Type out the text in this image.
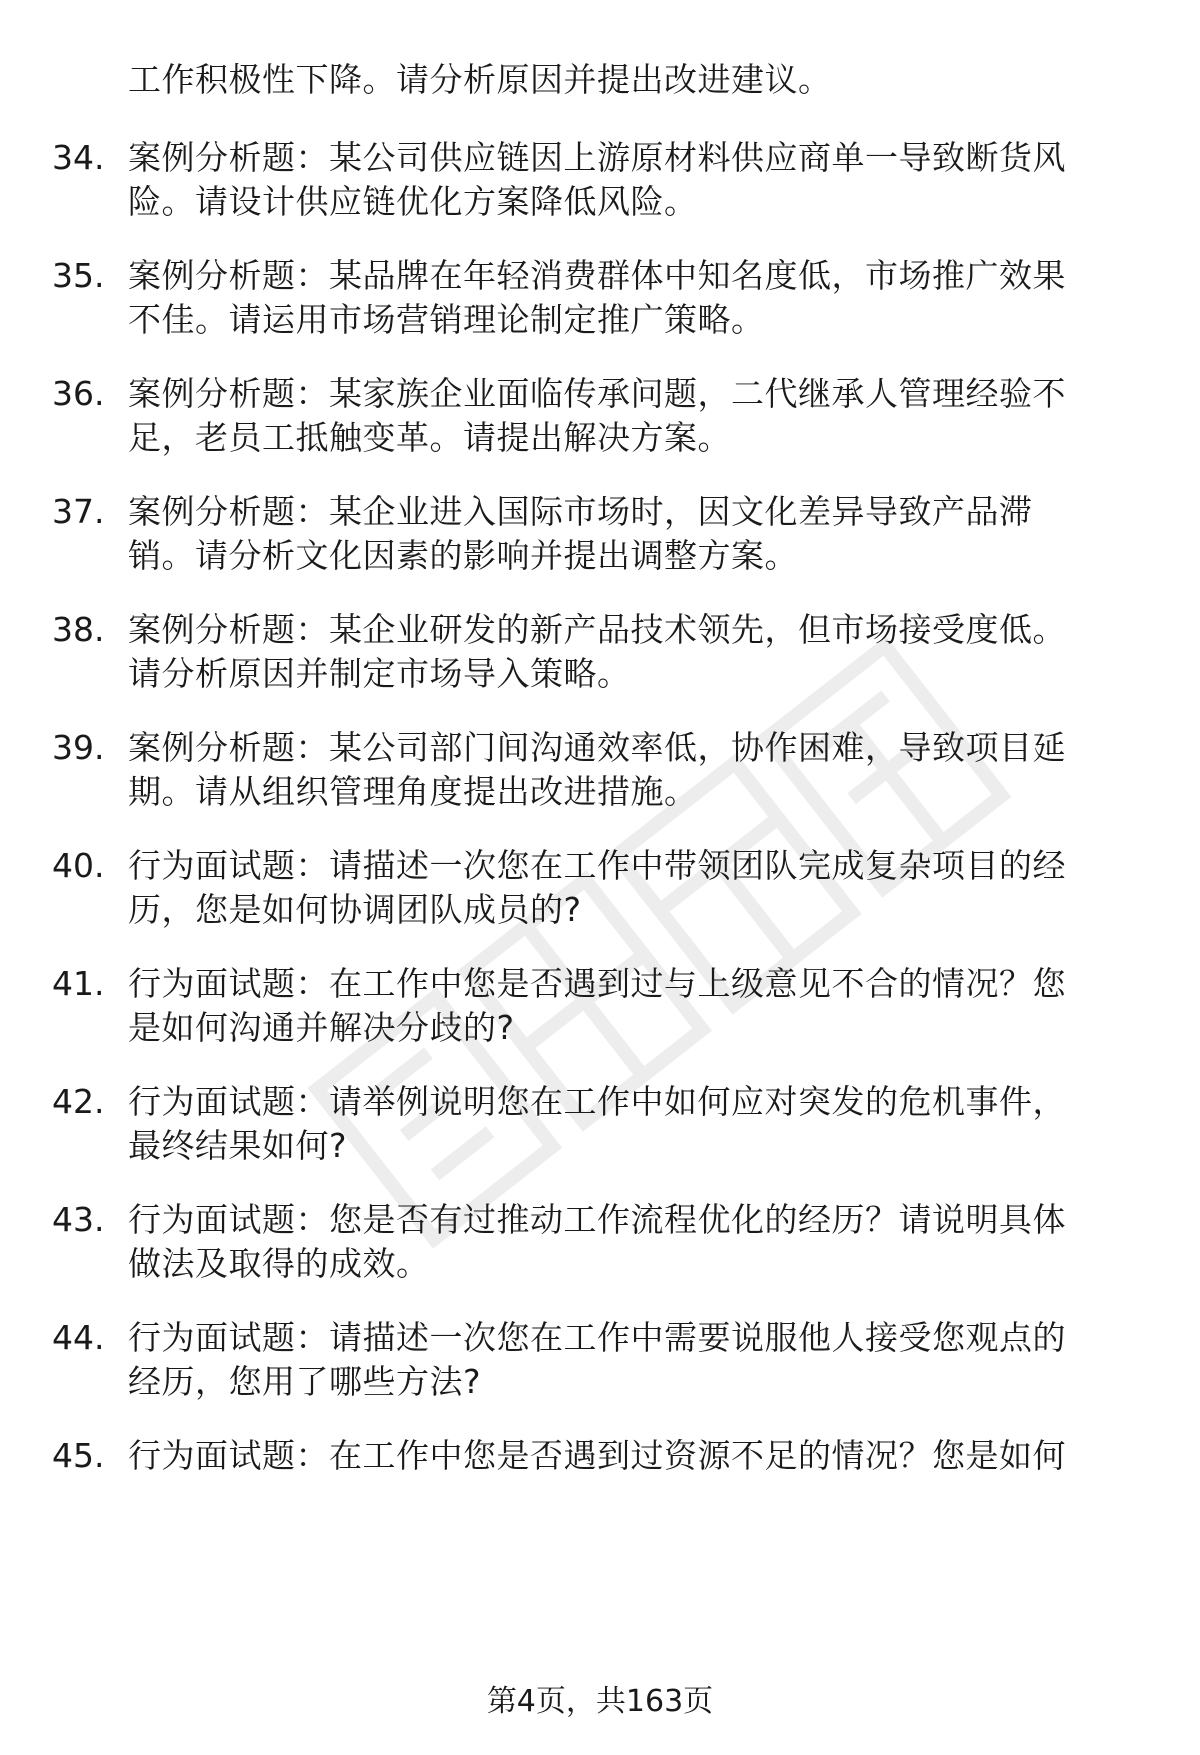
工作积极性下降。请分析原因并提出改进建议。
34. 案例分析题：某公司供应链因上游原材料供应商单一导致断货风
险。请设计供应链优化方案降低风险。
35. 案例分析题：某品牌在年轻消费群体中知名度低，市场推广效果
不佳。请运用市场营销理论制定推广策略。
36. 案例分析题：某家族企业面临传承问题，二代继承人管理经验不
足，老员工抵触变革。请提出解决方案。
37. 案例分析题：某企业进入国际市场时，因文化差异导致产品滞
销。请分析文化因素的影响并提出调整方案。
38. 案例分析题：某企业研发的新产品技术领先，但市场接受度低。
请分析原因并制定市场导入策略。
39. 案例分析题：某公司部门间沟通效率低，协作困难，导致项目延
期。请从组织管理角度提出改进措施。
40. 行为面试题：请描述一次您在工作中带领团队完成复杂项目的经
历，您是如何协调团队成员的?
41. 行为面试题：在工作中您是否遇到过与上级意见不合的情况？您
是如何沟通并解决分歧的?
42. 行为面试题：请举例说明您在工作中如何应对突发的危机事件，
最终结果如何?
43. 行为面试题：您是否有过推动工作流程优化的经历？请说明具体
做法及取得的成效。
44. 行为面试题：请描述一次您在工作中需要说服他人接受您观点的
经历，您用了哪些方法?
45. 行为面试题：在工作中您是否遇到过资源不足的情况？您是如何
第4页，共163页
